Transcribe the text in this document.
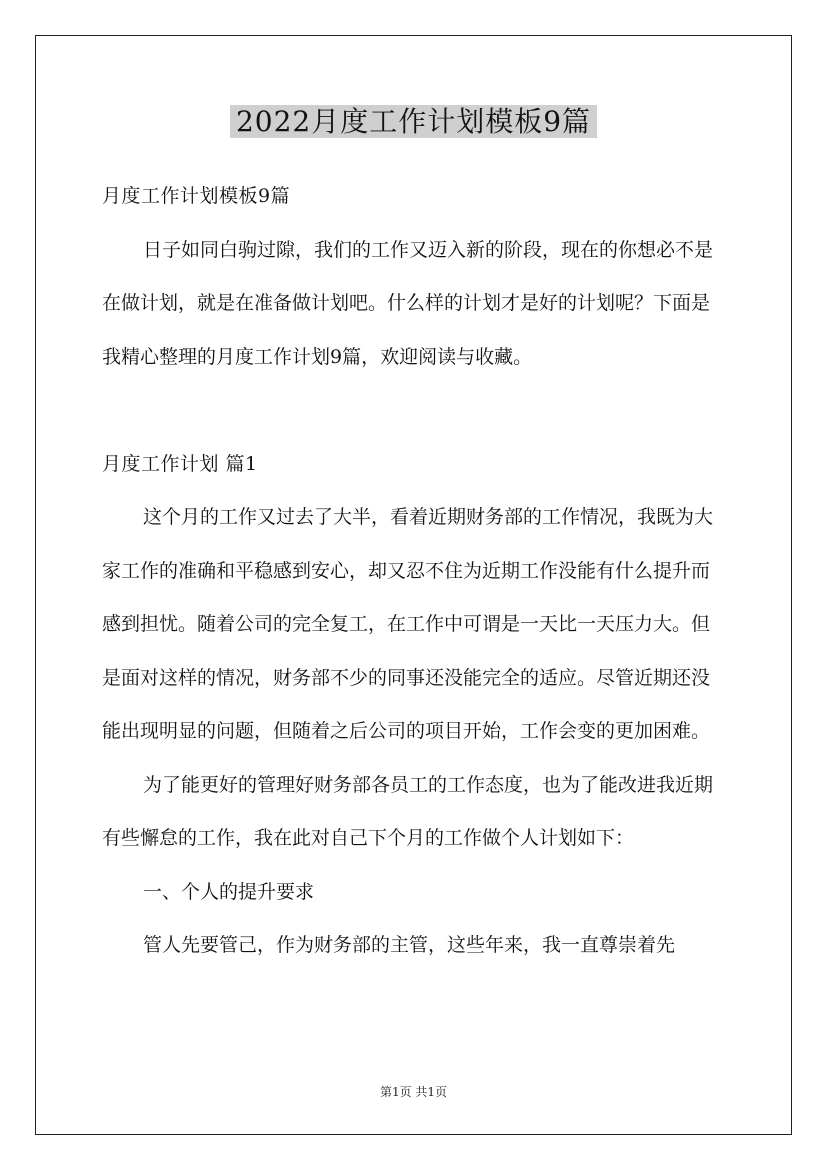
2022月度工作计划模板9篇

月度工作计划模板9篇

日子如同白驹过隙，我们的工作又迈入新的阶段，现在的你想必不是在做计划，就是在准备做计划吧。什么样的计划才是好的计划呢？下面是我精心整理的月度工作计划9篇，欢迎阅读与收藏。

月度工作计划 篇1

这个月的工作又过去了大半，看着近期财务部的工作情况，我既为大家工作的准确和平稳感到安心，却又忍不住为近期工作没能有什么提升而感到担忧。随着公司的完全复工，在工作中可谓是一天比一天压力大。但是面对这样的情况，财务部不少的同事还没能完全的适应。尽管近期还没能出现明显的问题，但随着之后公司的项目开始，工作会变的更加困难。

为了能更好的管理好财务部各员工的工作态度，也为了能改进我近期有些懈怠的工作，我在此对自己下个月的工作做个人计划如下：

一、个人的提升要求

管人先要管己，作为财务部的主管，这些年来，我一直尊崇着先

第1页 共1页
